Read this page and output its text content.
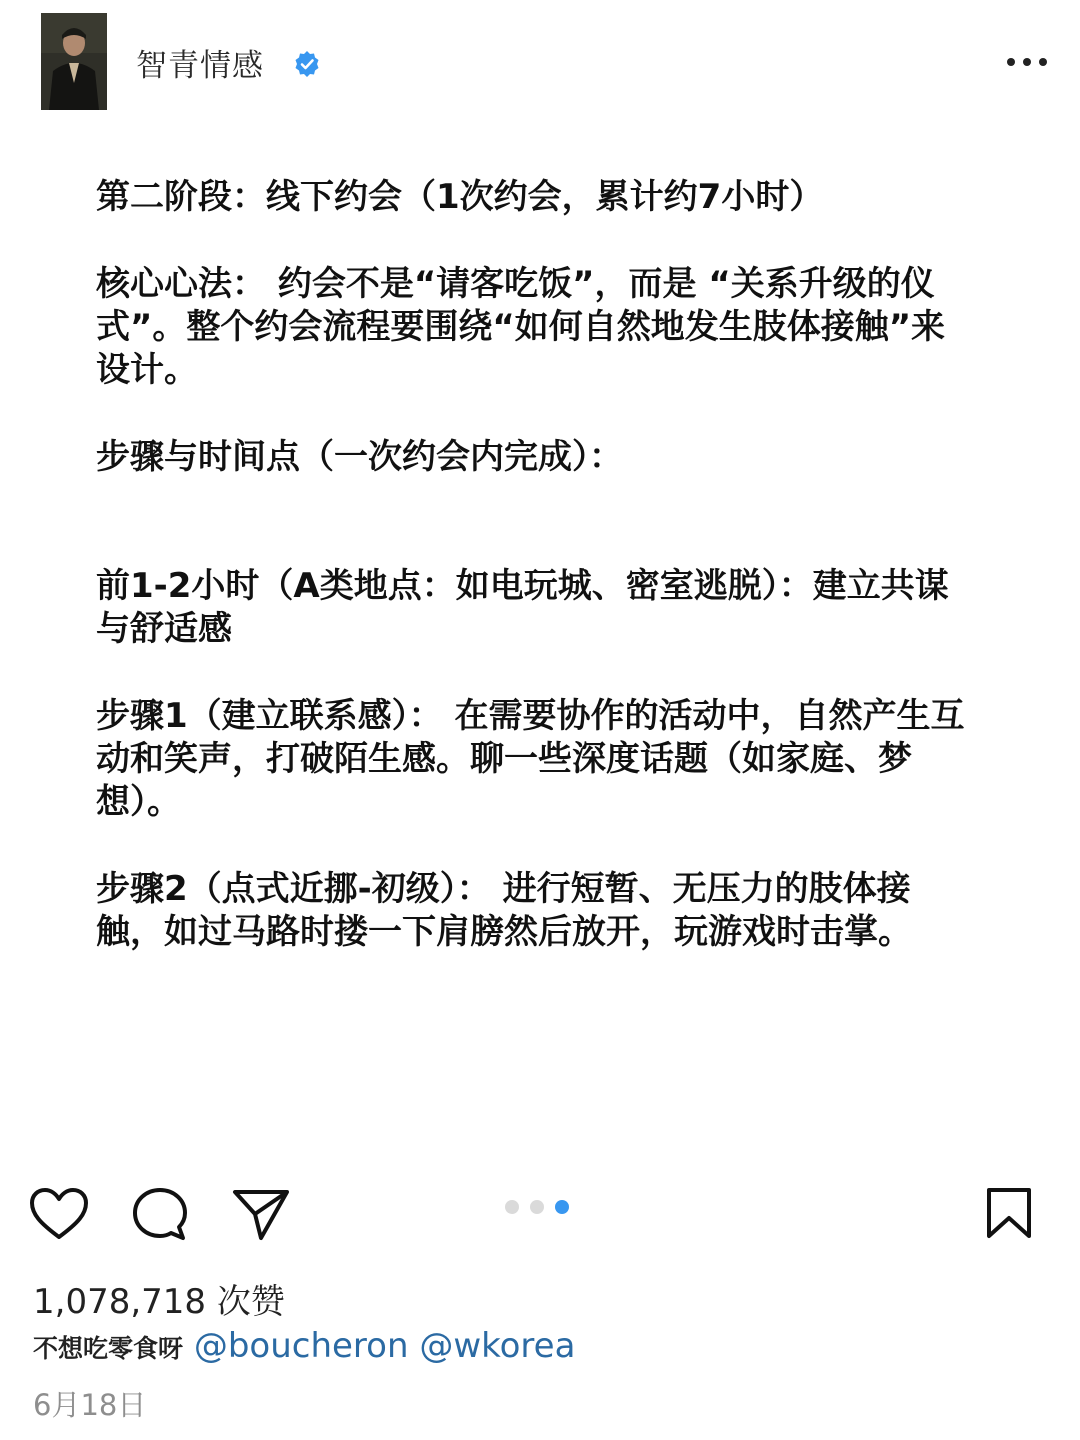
智青情感

第二阶段：线下约会（1次约会，累计约7小时）

核心心法： 约会不是“请客吃饭”，而是 “关系升级的仪式”。整个约会流程要围绕“如何自然地发生肢体接触”来设计。

步骤与时间点（一次约会内完成）：

前1-2小时（A类地点：如电玩城、密室逃脱）：建立共谋与舒适感

步骤1（建立联系感）： 在需要协作的活动中，自然产生互动和笑声，打破陌生感。聊一些深度话题（如家庭、梦想）。

步骤2（点式近挪-初级）： 进行短暂、无压力的肢体接触，如过马路时搂一下肩膀然后放开，玩游戏时击掌。

1,078,718 次赞
不想吃零食呀 @boucheron @wkorea
6月18日
